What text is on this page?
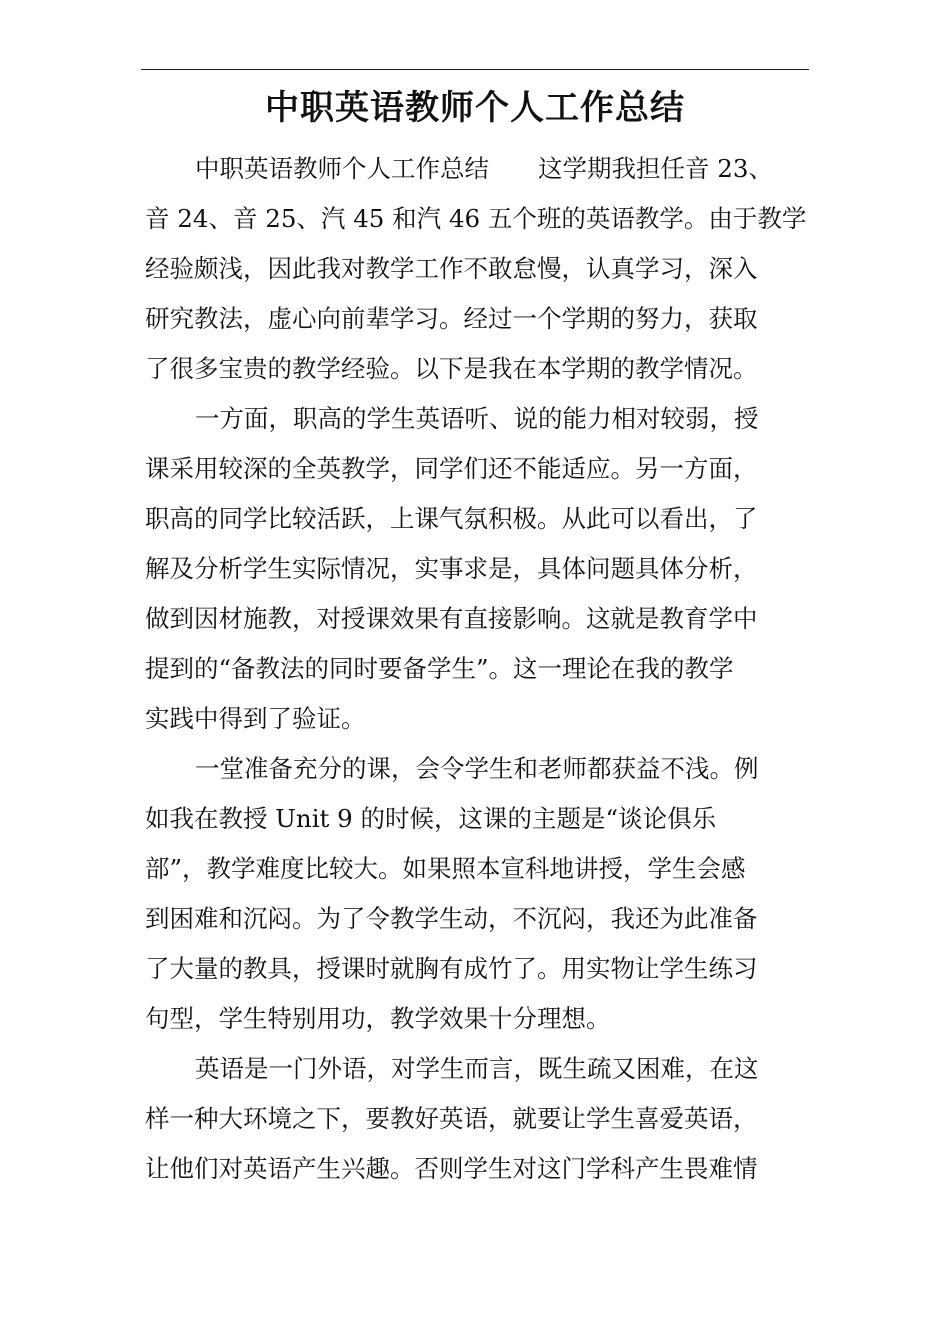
中职英语教师个人工作总结
中职英语教师个人工作总结　　这学期我担任音 23、
音 24、音 25、汽 45 和汽 46 五个班的英语教学。由于教学
经验颇浅，因此我对教学工作不敢怠慢，认真学习，深入
研究教法，虚心向前辈学习。经过一个学期的努力，获取
了很多宝贵的教学经验。以下是我在本学期的教学情况。
一方面，职高的学生英语听、说的能力相对较弱，授
课采用较深的全英教学，同学们还不能适应。另一方面，
职高的同学比较活跃，上课气氛积极。从此可以看出，了
解及分析学生实际情况，实事求是，具体问题具体分析，
做到因材施教，对授课效果有直接影响。这就是教育学中
提到的“备教法的同时要备学生”。这一理论在我的教学
实践中得到了验证。
一堂准备充分的课，会令学生和老师都获益不浅。例
如我在教授 Unit 9 的时候，这课的主题是“谈论俱乐
部”，教学难度比较大。如果照本宣科地讲授，学生会感
到困难和沉闷。为了令教学生动，不沉闷，我还为此准备
了大量的教具，授课时就胸有成竹了。用实物让学生练习
句型，学生特别用功，教学效果十分理想。
英语是一门外语，对学生而言，既生疏又困难，在这
样一种大环境之下，要教好英语，就要让学生喜爱英语，
让他们对英语产生兴趣。否则学生对这门学科产生畏难情
